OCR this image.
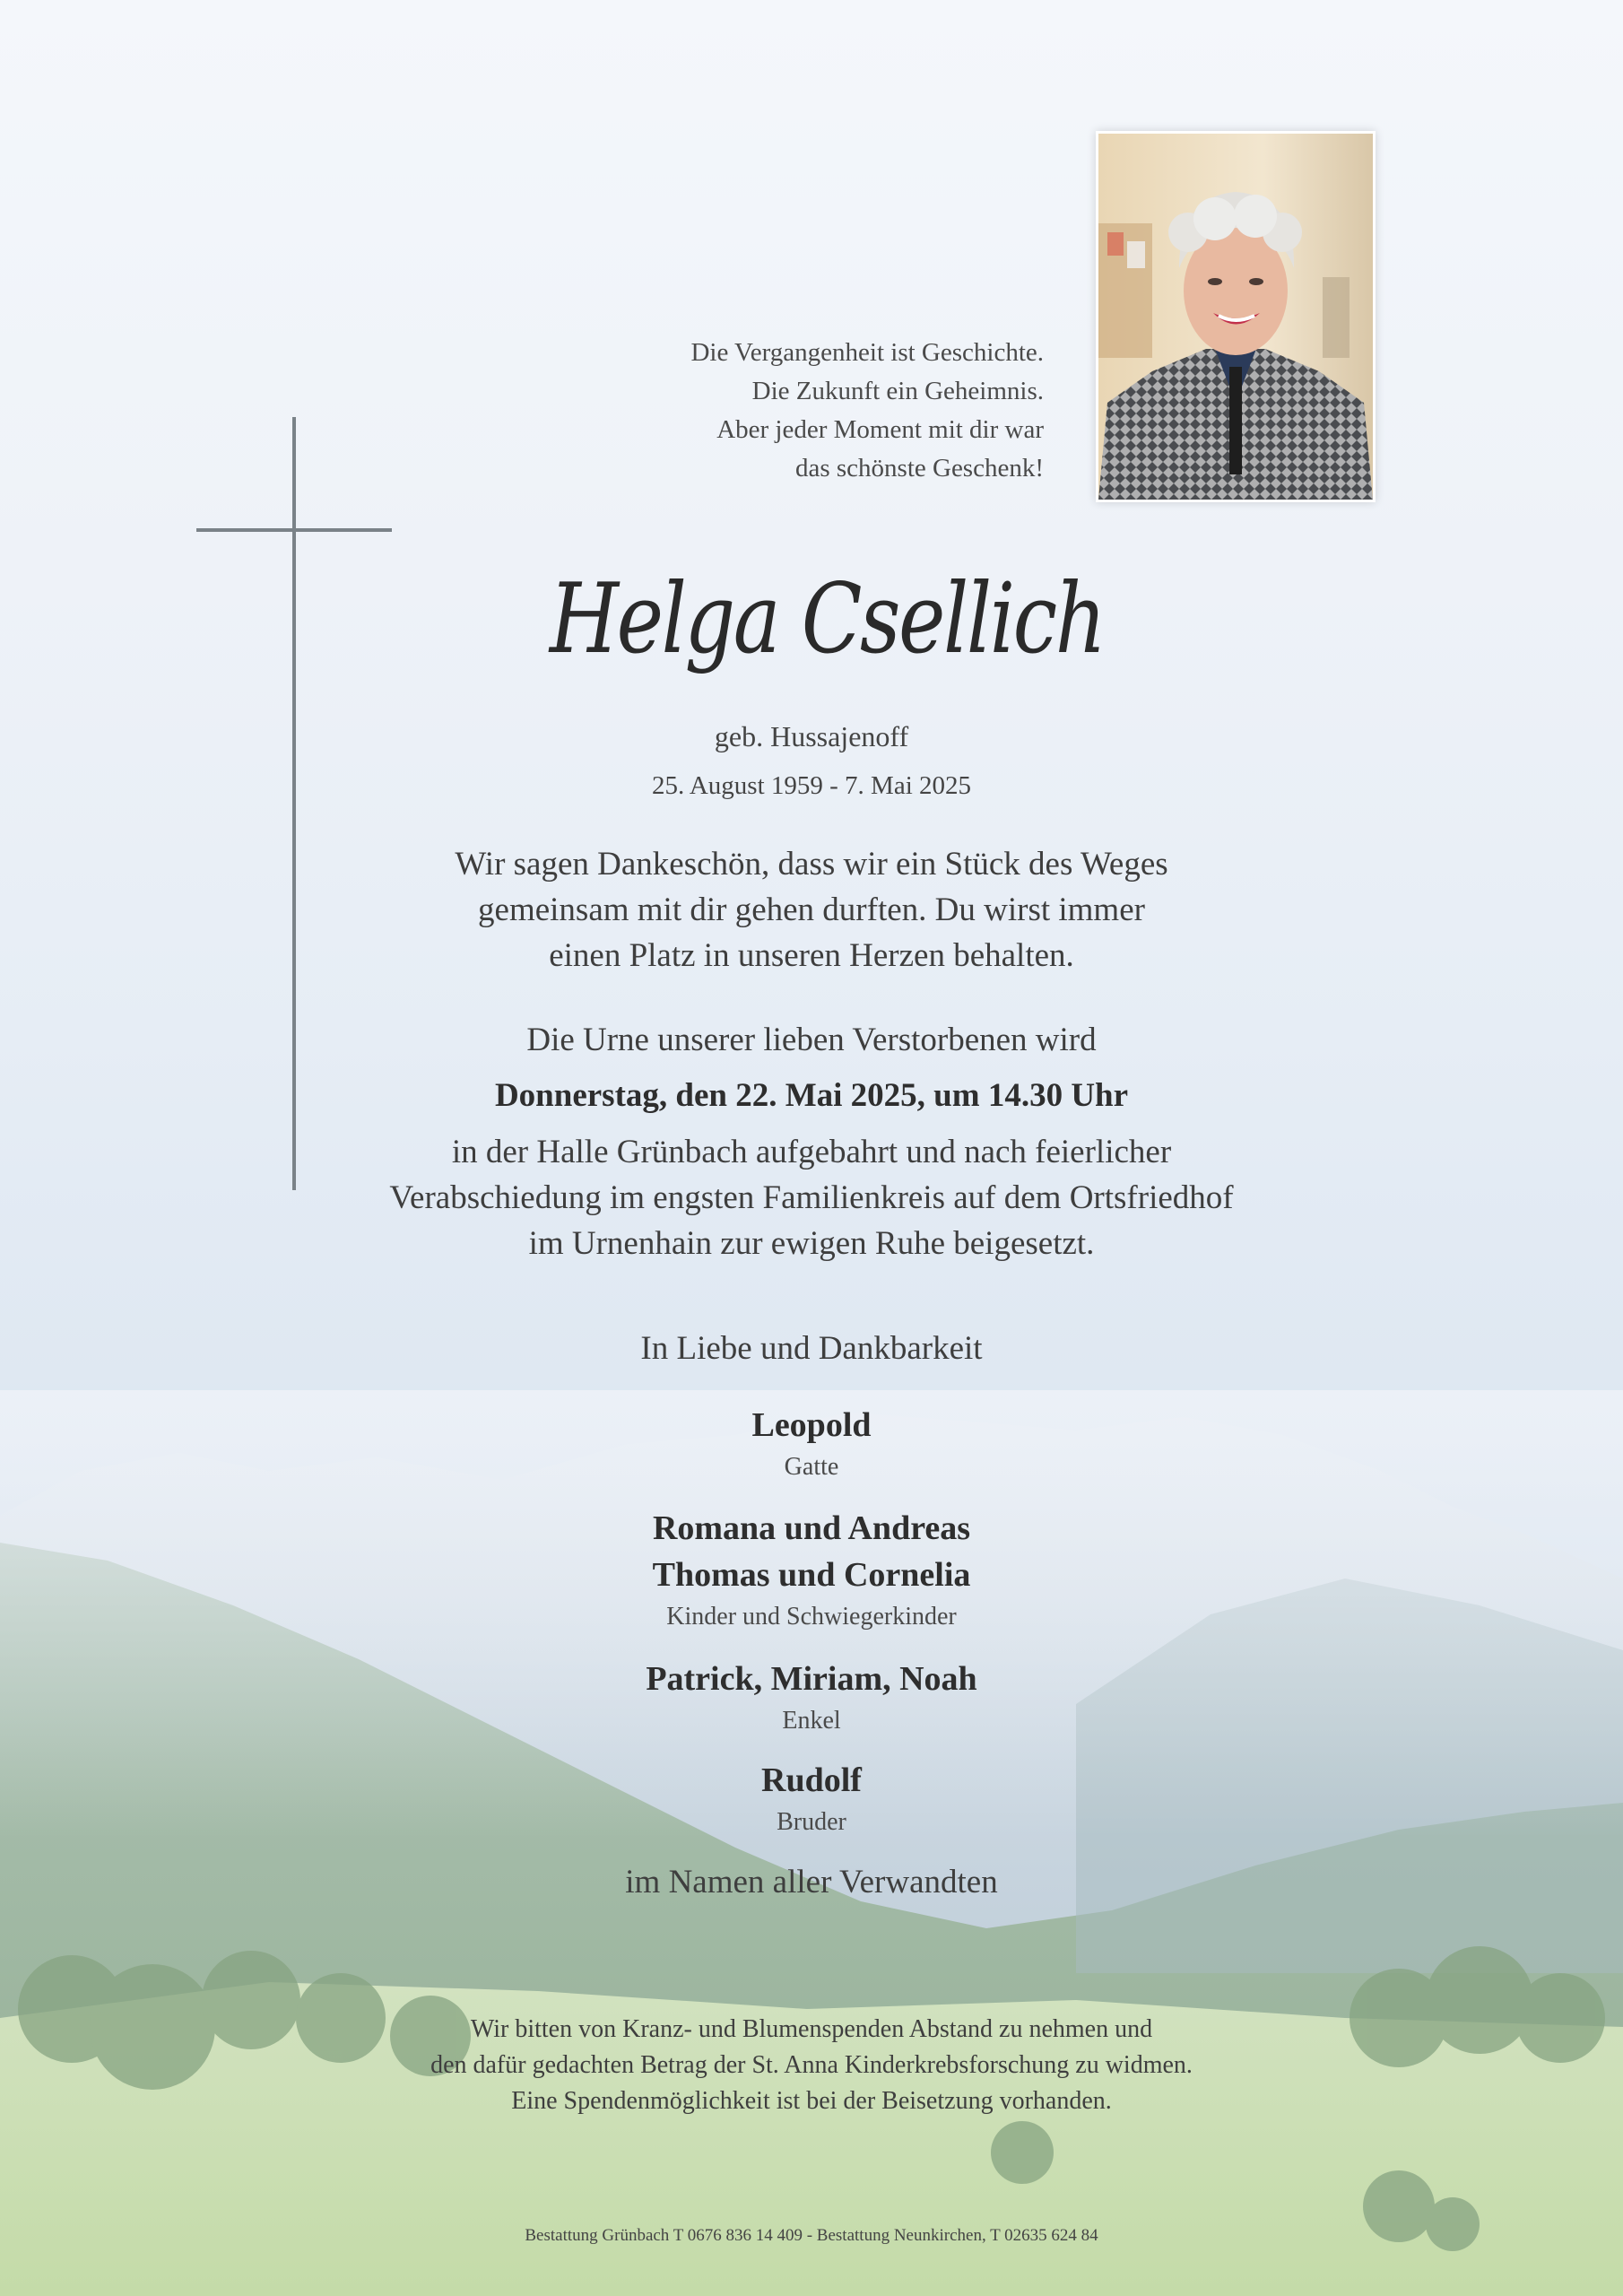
Die Vergangenheit ist Geschichte.
Die Zukunft ein Geheimnis.
Aber jeder Moment mit dir war
das schönste Geschenk!
Helga Csellich
geb. Hussajenoff
25. August 1959 - 7. Mai 2025
Wir sagen Dankeschön, dass wir ein Stück des Weges
gemeinsam mit dir gehen durften. Du wirst immer
einen Platz in unseren Herzen behalten.
Die Urne unserer lieben Verstorbenen wird
Donnerstag, den 22. Mai 2025, um 14.30 Uhr
in der Halle Grünbach aufgebahrt und nach feierlicher
Verabschiedung im engsten Familienkreis auf dem Ortsfriedhof
im Urnenhain zur ewigen Ruhe beigesetzt.
In Liebe und Dankbarkeit
Leopold
Gatte
Romana und Andreas
Thomas und Cornelia
Kinder und Schwiegerkinder
Patrick, Miriam, Noah
Enkel
Rudolf
Bruder
im Namen aller Verwandten
Wir bitten von Kranz- und Blumenspenden Abstand zu nehmen und
den dafür gedachten Betrag der St. Anna Kinderkrebsforschung zu widmen.
Eine Spendenmöglichkeit ist bei der Beisetzung vorhanden.
Bestattung Grünbach T 0676 836 14 409 - Bestattung Neunkirchen, T 02635 624 84
